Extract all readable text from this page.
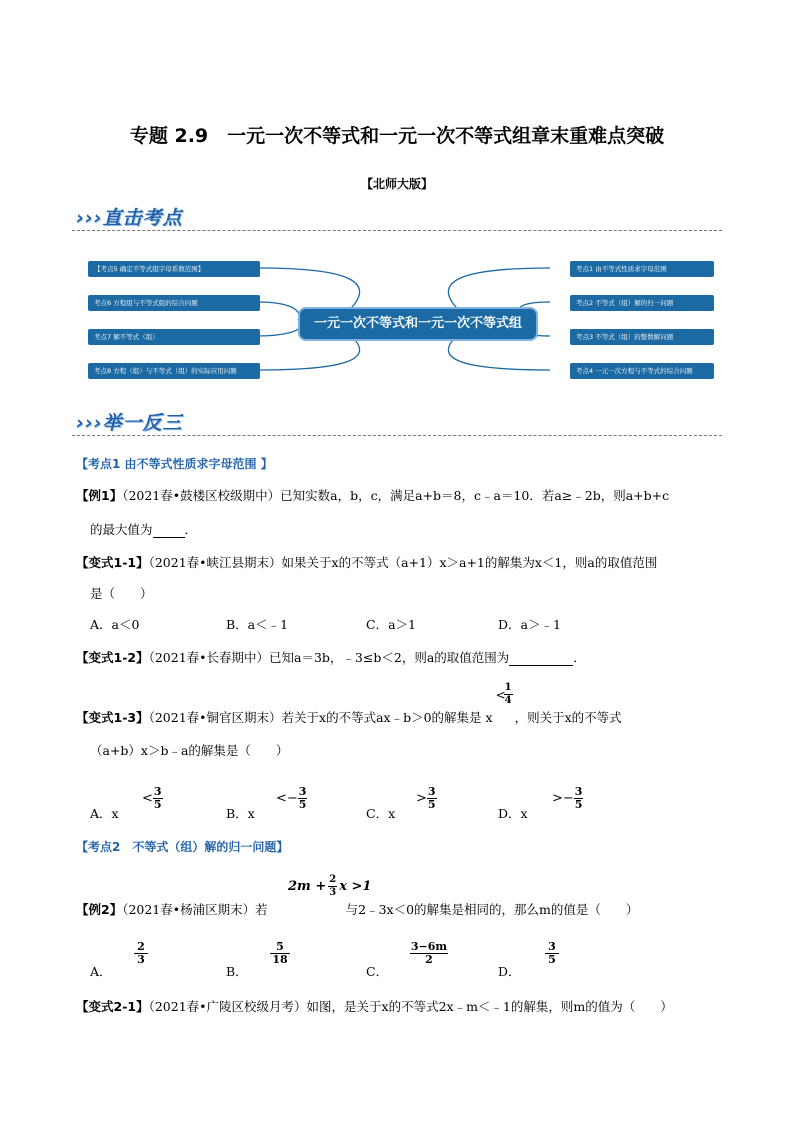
专题 2.9　一元一次不等式和一元一次不等式组章末重难点突破
【北师大版】
›››直击考点
【考点5 确定不等式组字母系数范围】
考点6 方程组与不等式组的综合问题
考点7 解不等式（组）
考点8 方程（组）与不等式（组）的实际应用问题
考点1 由不等式性质求字母范围
考点2 不等式（组）解的归一问题
考点3 不等式（组）的整数解问题
考点4 一元一次方程与不等式的综合问题
一元一次不等式和一元一次不等式组
›››举一反三
【考点1 由不等式性质求字母范围 】
【例1】（2021春•鼓楼区校级期中）已知实数a，b，c，满足a+b＝8，c﹣a＝10．若a≥﹣2b，则a+b+c
的最大值为	．
【变式1-1】（2021春•峡江县期末）如果关于x的不等式（a+1）x＞a+1的解集为x＜1，则a的取值范围
是（　　）
A．a＜0	B．a＜﹣1	C．a＞1	D．a＞﹣1
【变式1-2】（2021春•长春期中）已知a＝3b，﹣3≤b＜2，则a的取值范围为	．
【变式1-3】（2021春•铜官区期末）若关于x的不等式ax﹣b＞0的解集是 x
<
$\frac{1}{4}$
，则关于x的不等式
（a+b）x＞b﹣a的解集是（　　）
A．x
< $\frac{3}{5}$
B．x
<− $\frac{3}{5}$
C．x
> $\frac{3}{5}$
D．x
>− $\frac{3}{5}$
【考点2　不等式（组）解的归一问题】
$2m + \frac{2}{3}$ x >1
【例2】（2021春•杨浦区期末）若	与2﹣3x＜0的解集是相同的，那么m的值是（　　）
A．
$\frac{2}{3}$
B．
$\frac{5}{18}$
C．
$\frac{3-6m}{2}$
D．
$\frac{3}{5}$
【变式2-1】（2021春•广陵区校级月考）如图，是关于x的不等式2x﹣m＜﹣1的解集，则m的值为（　　）
